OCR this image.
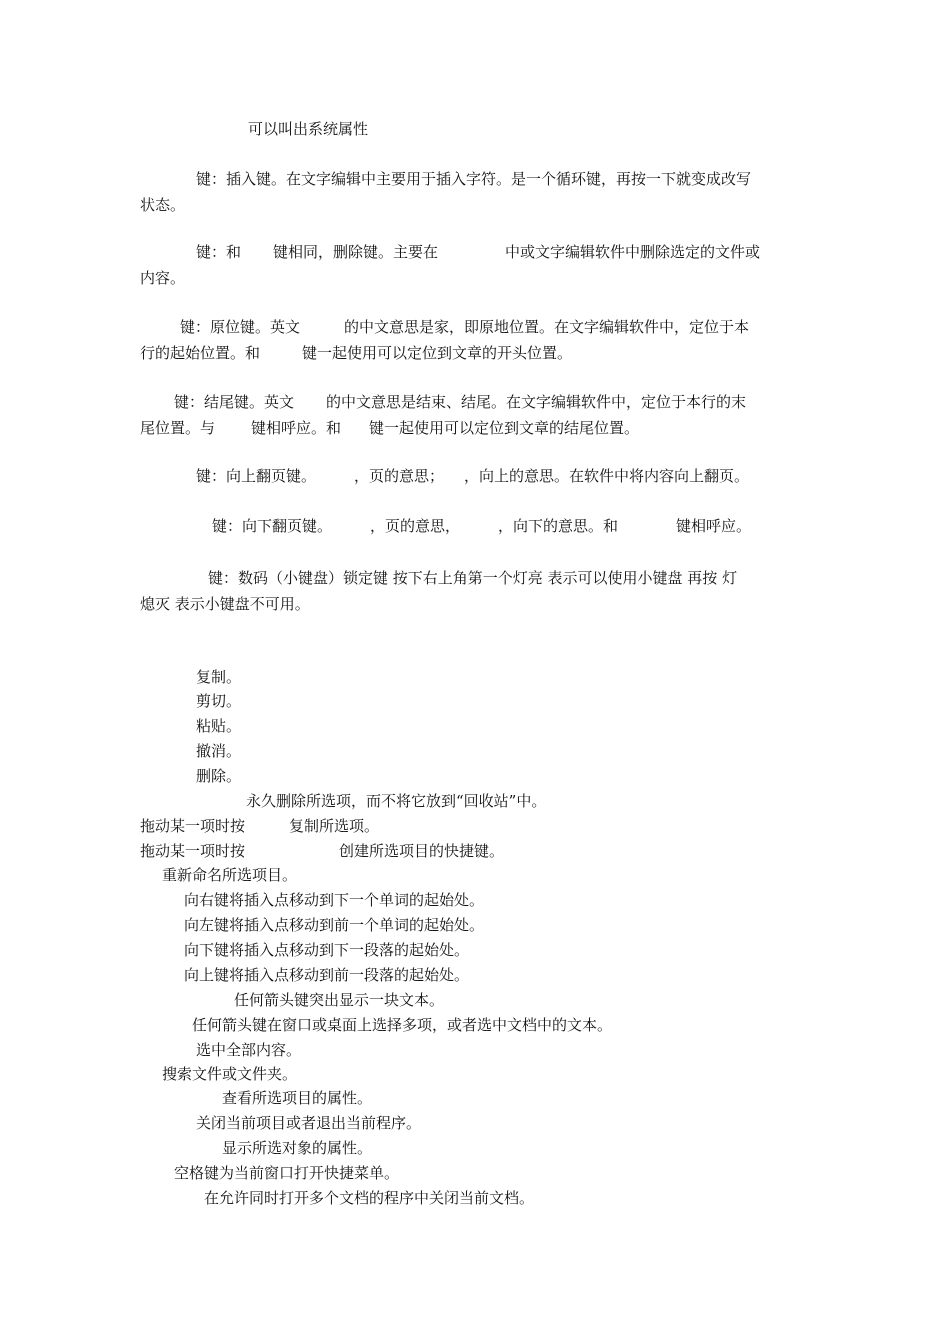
可以叫出系统属性
键：插入键。在文字编辑中主要用于插入字符。是一个循环键，再按一下就变成改写
状态。
键：和 键相同，删除键。主要在	中或文字编辑软件中删除选定的文件或
内容。
键：原位键。英文	的中文意思是家，即原地位置。在文字编辑软件中，定位于本
行的起始位置。和	键一起使用可以定位到文章的开头位置。
键：结尾键。英文 的中文意思是结束、结尾。在文字编辑软件中，定位于本行的末
尾位置。与 键相呼应。和 键一起使用可以定位到文章的结尾位置。
键：向上翻页键。	，页的意思； ，向上的意思。在软件中将内容向上翻页。
键：向下翻页键。	，页的意思，	，向下的意思。和	键相呼应。
键：数码（小键盘）锁定键 按下右上角第一个灯亮 表示可以使用小键盘 再按 灯
熄灭 表示小键盘不可用。
复制。
剪切。
粘贴。
撤消。
删除。
永久删除所选项，而不将它放到“回收站”中。
拖动某一项时按	复制所选项。
拖动某一项时按	创建所选项目的快捷键。
重新命名所选项目。
向右键将插入点移动到下一个单词的起始处。
向左键将插入点移动到前一个单词的起始处。
向下键将插入点移动到下一段落的起始处。
向上键将插入点移动到前一段落的起始处。
任何箭头键突出显示一块文本。
任何箭头键在窗口或桌面上选择多项，或者选中文档中的文本。
选中全部内容。
搜索文件或文件夹。
查看所选项目的属性。
关闭当前项目或者退出当前程序。
显示所选对象的属性。
空格键为当前窗口打开快捷菜单。
在允许同时打开多个文档的程序中关闭当前文档。
